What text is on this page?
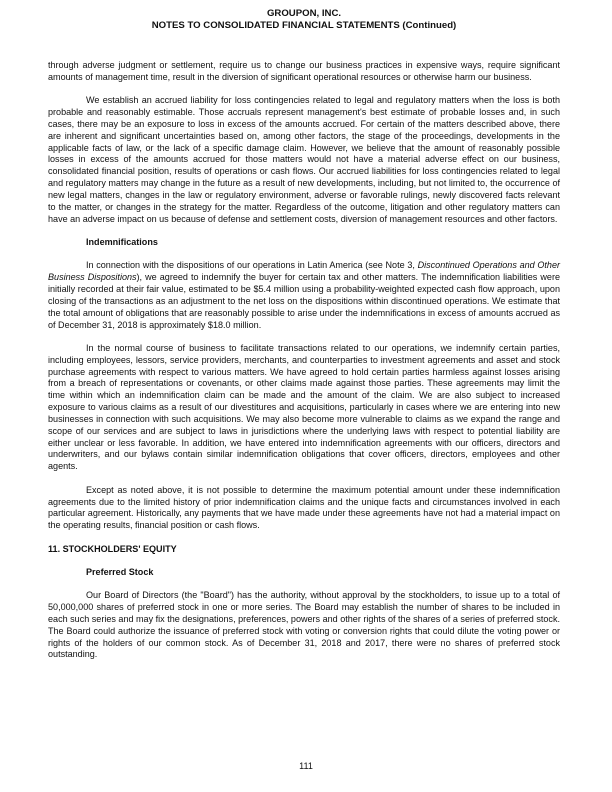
GROUPON, INC.
NOTES TO CONSOLIDATED FINANCIAL STATEMENTS (Continued)

through adverse judgment or settlement, require us to change our business practices in expensive ways, require significant amounts of management time, result in the diversion of significant operational resources or otherwise harm our business.

We establish an accrued liability for loss contingencies related to legal and regulatory matters when the loss is both probable and reasonably estimable. Those accruals represent management's best estimate of probable losses and, in such cases, there may be an exposure to loss in excess of the amounts accrued. For certain of the matters described above, there are inherent and significant uncertainties based on, among other factors, the stage of the proceedings, developments in the applicable facts of law, or the lack of a specific damage claim. However, we believe that the amount of reasonably possible losses in excess of the amounts accrued for those matters would not have a material adverse effect on our business, consolidated financial position, results of operations or cash flows. Our accrued liabilities for loss contingencies related to legal and regulatory matters may change in the future as a result of new developments, including, but not limited to, the occurrence of new legal matters, changes in the law or regulatory environment, adverse or favorable rulings, newly discovered facts relevant to the matter, or changes in the strategy for the matter. Regardless of the outcome, litigation and other regulatory matters can have an adverse impact on us because of defense and settlement costs, diversion of management resources and other factors.

Indemnifications

In connection with the dispositions of our operations in Latin America (see Note 3, Discontinued Operations and Other Business Dispositions), we agreed to indemnify the buyer for certain tax and other matters. The indemnification liabilities were initially recorded at their fair value, estimated to be $5.4 million using a probability-weighted expected cash flow approach, upon closing of the transactions as an adjustment to the net loss on the dispositions within discontinued operations. We estimate that the total amount of obligations that are reasonably possible to arise under the indemnifications in excess of amounts accrued as of December 31, 2018 is approximately $18.0 million.

In the normal course of business to facilitate transactions related to our operations, we indemnify certain parties, including employees, lessors, service providers, merchants, and counterparties to investment agreements and asset and stock purchase agreements with respect to various matters. We have agreed to hold certain parties harmless against losses arising from a breach of representations or covenants, or other claims made against those parties. These agreements may limit the time within which an indemnification claim can be made and the amount of the claim. We are also subject to increased exposure to various claims as a result of our divestitures and acquisitions, particularly in cases where we are entering into new businesses in connection with such acquisitions. We may also become more vulnerable to claims as we expand the range and scope of our services and are subject to laws in jurisdictions where the underlying laws with respect to potential liability are either unclear or less favorable. In addition, we have entered into indemnification agreements with our officers, directors and underwriters, and our bylaws contain similar indemnification obligations that cover officers, directors, employees and other agents.

Except as noted above, it is not possible to determine the maximum potential amount under these indemnification agreements due to the limited history of prior indemnification claims and the unique facts and circumstances involved in each particular agreement. Historically, any payments that we have made under these agreements have not had a material impact on the operating results, financial position or cash flows.

11. STOCKHOLDERS' EQUITY
Preferred Stock

Our Board of Directors (the "Board") has the authority, without approval by the stockholders, to issue up to a total of 50,000,000 shares of preferred stock in one or more series. The Board may establish the number of shares to be included in each such series and may fix the designations, preferences, powers and other rights of the shares of a series of preferred stock. The Board could authorize the issuance of preferred stock with voting or conversion rights that could dilute the voting power or rights of the holders of our common stock. As of December 31, 2018 and 2017, there were no shares of preferred stock outstanding.

111
